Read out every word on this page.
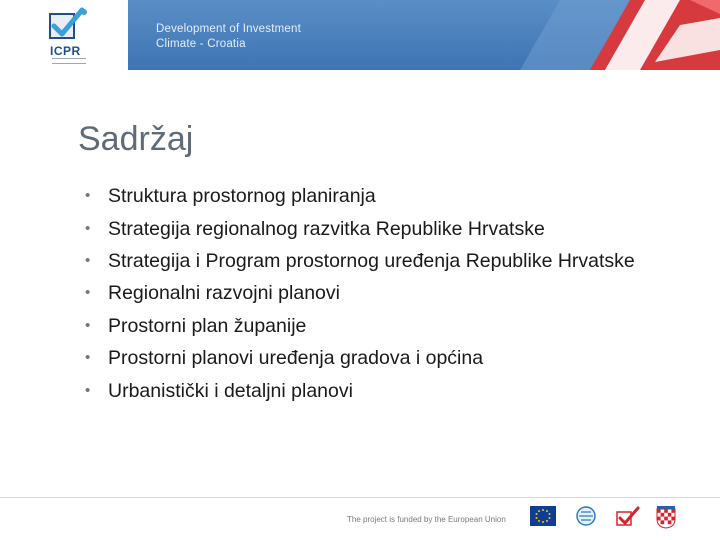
ICPR
Development of Investment
Climate - Croatia
Sadržaj
• Struktura prostornog planiranja
• Strategija regionalnog razvitka Republike Hrvatske
• Strategija i Program prostornog uređenja Republike Hrvatske
• Regionalni razvojni planovi
• Prostorni plan županije
• Prostorni planovi uređenja gradova i općina
• Urbanistički i detaljni planovi
The project is funded by the European Union
